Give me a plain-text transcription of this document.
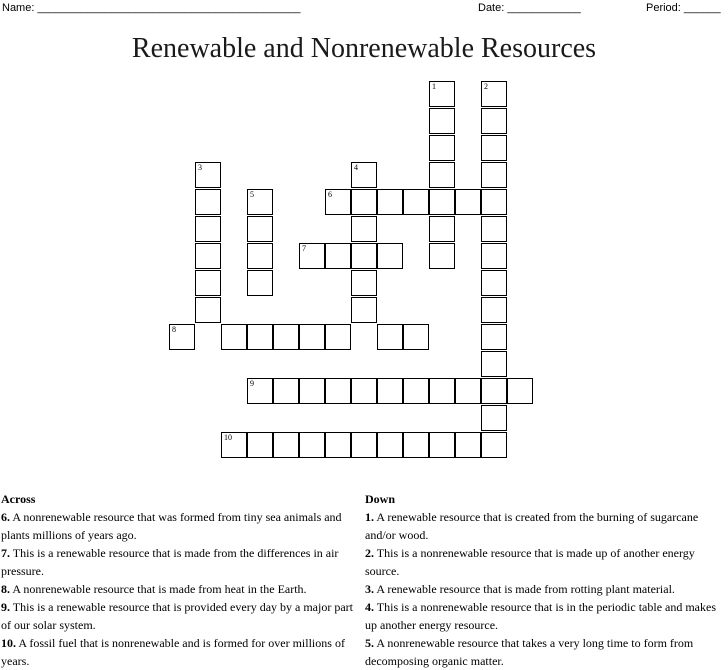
Name: ___________________________________________	Date: ____________	Period: ______
Renewable and Nonrenewable Resources
1	2
3	4
5	6
7
8
9
10
Across
6. A nonrenewable resource that was formed from tiny sea animals and plants millions of years ago.
7. This is a renewable resource that is made from the differences in air pressure.
8. A nonrenewable resource that is made from heat in the Earth.
9. This is a renewable resource that is provided every day by a major part of our solar system.
10. A fossil fuel that is nonrenewable and is formed for over millions of years.
Down
1. A renewable resource that is created from the burning of sugarcane and/or wood.
2. This is a nonrenewable resource that is made up of another energy source.
3. A renewable resource that is made from rotting plant material.
4. This is a nonrenewable resource that is in the periodic table and makes up another energy resource.
5. A nonrenewable resource that takes a very long time to form from decomposing organic matter.
